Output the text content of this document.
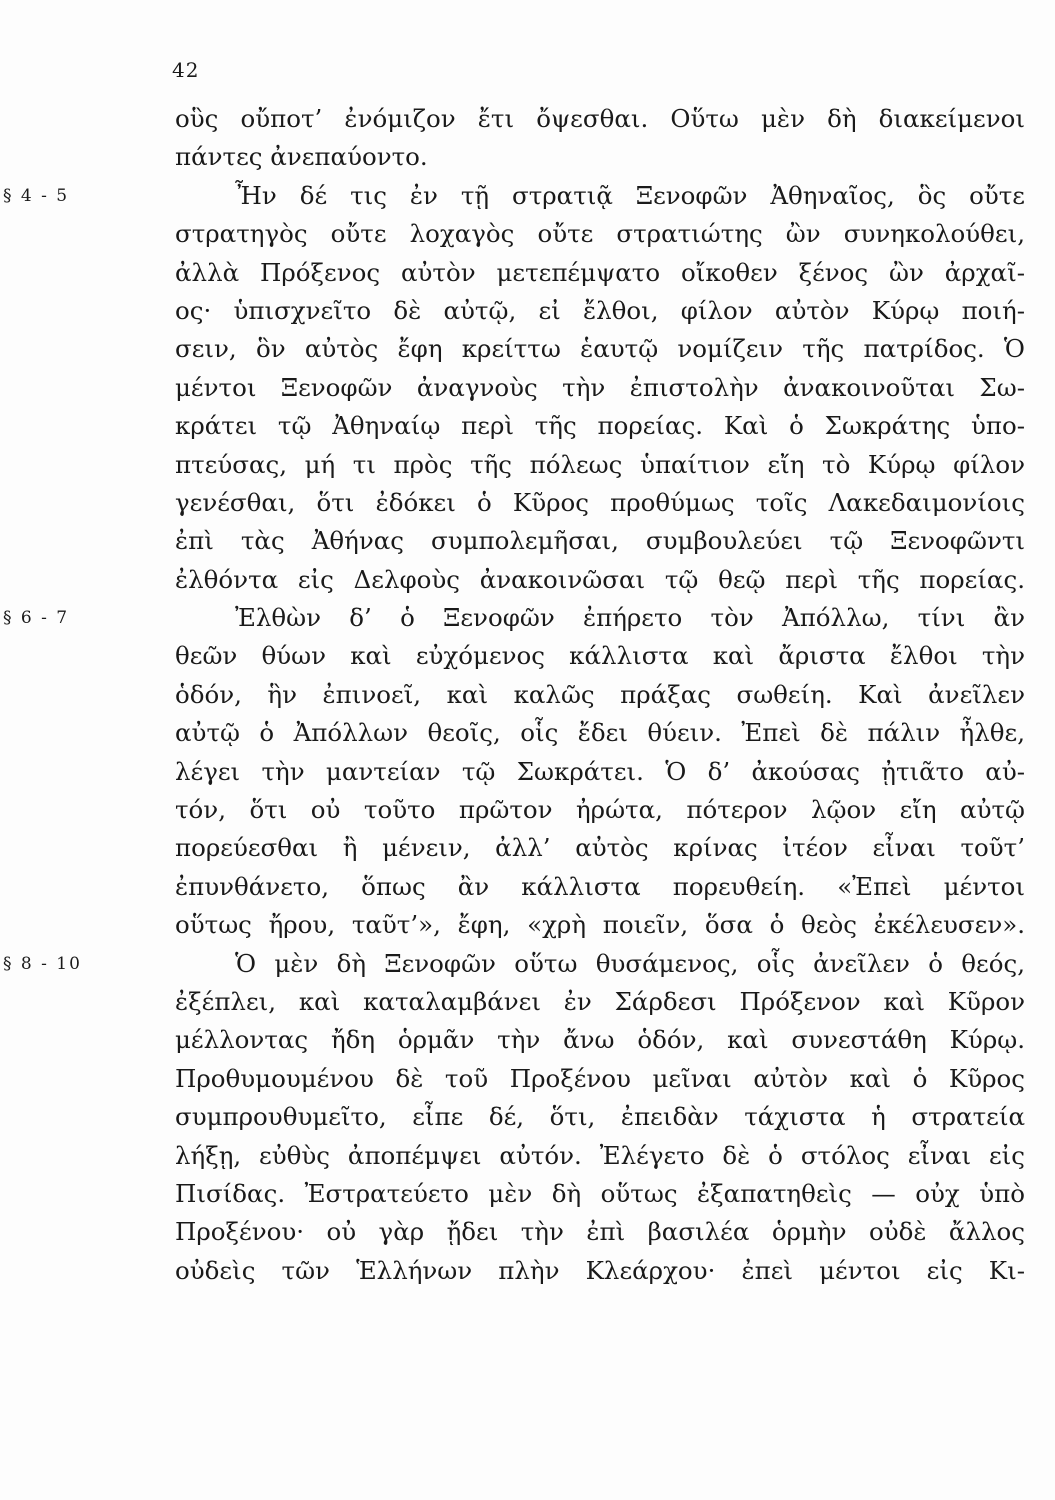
42
οὓς οὔποτ’ ἐνόμιζον ἔτι ὄψεσθαι. Οὕτω μὲν δὴ διακείμενοι
πάντες ἀνεπαύοντο.
§ 4 - 5	Ἦν δέ τις ἐν τῇ στρατιᾷ Ξενοφῶν Ἀθηναῖος, ὃς οὔτε
στρατηγὸς οὔτε λοχαγὸς οὔτε στρατιώτης ὢν συνηκολούθει,
ἀλλὰ Πρόξενος αὐτὸν μετεπέμψατο οἴκοθεν ξένος ὢν ἀρχαῖ-
ος· ὑπισχνεῖτο δὲ αὐτῷ, εἰ ἔλθοι, φίλον αὐτὸν Κύρῳ ποιή-
σειν, ὃν αὐτὸς ἔφη κρείττω ἑαυτῷ νομίζειν τῆς πατρίδος. Ὁ
μέντοι Ξενοφῶν ἀναγνοὺς τὴν ἐπιστολὴν ἀνακοινοῦται Σω-
κράτει τῷ Ἀθηναίῳ περὶ τῆς πορείας. Καὶ ὁ Σωκράτης ὑπο-
πτεύσας, μή τι πρὸς τῆς πόλεως ὑπαίτιον εἴη τὸ Κύρῳ φίλον
γενέσθαι, ὅτι ἐδόκει ὁ Κῦρος προθύμως τοῖς Λακεδαιμονίοις
ἐπὶ τὰς Ἀθήνας συμπολεμῆσαι, συμβουλεύει τῷ Ξενοφῶντι
ἐλθόντα εἰς Δελφοὺς ἀνακοινῶσαι τῷ θεῷ περὶ τῆς πορείας.
§ 6 - 7	Ἐλθὼν δ’ ὁ Ξενοφῶν ἐπήρετο τὸν Ἀπόλλω, τίνι ἂν
θεῶν θύων καὶ εὐχόμενος κάλλιστα καὶ ἄριστα ἔλθοι τὴν
ὁδόν, ἣν ἐπινοεῖ, καὶ καλῶς πράξας σωθείη. Καὶ ἀνεῖλεν
αὐτῷ ὁ Ἀπόλλων θεοῖς, οἷς ἔδει θύειν. Ἐπεὶ δὲ πάλιν ἦλθε,
λέγει τὴν μαντείαν τῷ Σωκράτει. Ὁ δ’ ἀκούσας ᾐτιᾶτο αὐ-
τόν, ὅτι οὐ τοῦτο πρῶτον ἠρώτα, πότερον λῷον εἴη αὐτῷ
πορεύεσθαι ἢ μένειν, ἀλλ’ αὐτὸς κρίνας ἰτέον εἶναι τοῦτ’
ἐπυνθάνετο, ὅπως ἂν κάλλιστα πορευθείη. «Ἐπεὶ μέντοι
οὕτως ἤρου, ταῦτ’», ἔφη, «χρὴ ποιεῖν, ὅσα ὁ θεὸς ἐκέλευσεν».
§ 8 - 10	Ὁ μὲν δὴ Ξενοφῶν οὕτω θυσάμενος, οἷς ἀνεῖλεν ὁ θεός,
ἐξέπλει, καὶ καταλαμβάνει ἐν Σάρδεσι Πρόξενον καὶ Κῦρον
μέλλοντας ἤδη ὁρμᾶν τὴν ἄνω ὁδόν, καὶ συνεστάθη Κύρῳ.
Προθυμουμένου δὲ τοῦ Προξένου μεῖναι αὐτὸν καὶ ὁ Κῦρος
συμπρουθυμεῖτο, εἶπε δέ, ὅτι, ἐπειδὰν τάχιστα ἡ στρατεία
λήξῃ, εὐθὺς ἀποπέμψει αὐτόν. Ἐλέγετο δὲ ὁ στόλος εἶναι εἰς
Πισίδας. Ἐστρατεύετο μὲν δὴ οὕτως ἐξαπατηθεὶς — οὐχ ὑπὸ
Προξένου· οὐ γὰρ ᾔδει τὴν ἐπὶ βασιλέα ὁρμὴν οὐδὲ ἄλλος
οὐδεὶς τῶν Ἑλλήνων πλὴν Κλεάρχου· ἐπεὶ μέντοι εἰς Κι-
